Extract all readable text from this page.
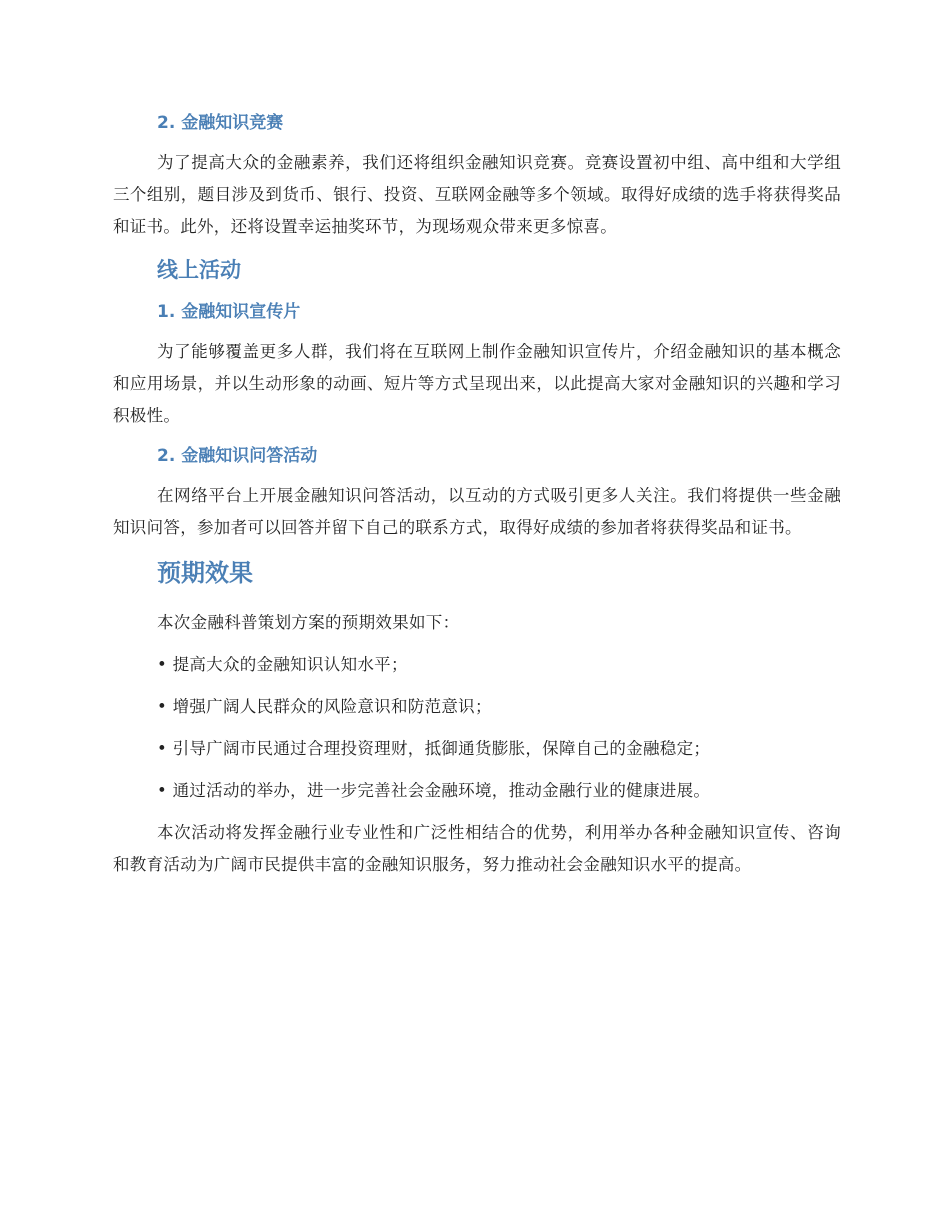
2. 金融知识竞赛

为了提高大众的金融素养，我们还将组织金融知识竞赛。竞赛设置初中组、高中组和大学组三个组别，题目涉及到货币、银行、投资、互联网金融等多个领域。取得好成绩的选手将获得奖品和证书。此外，还将设置幸运抽奖环节，为现场观众带来更多惊喜。

线上活动
1. 金融知识宣传片

为了能够覆盖更多人群，我们将在互联网上制作金融知识宣传片，介绍金融知识的基本概念和应用场景，并以生动形象的动画、短片等方式呈现出来，以此提高大家对金融知识的兴趣和学习积极性。

2. 金融知识问答活动

在网络平台上开展金融知识问答活动，以互动的方式吸引更多人关注。我们将提供一些金融知识问答，参加者可以回答并留下自己的联系方式，取得好成绩的参加者将获得奖品和证书。

预期效果

本次金融科普策划方案的预期效果如下：

• 提高大众的金融知识认知水平；
• 增强广阔人民群众的风险意识和防范意识；
• 引导广阔市民通过合理投资理财，抵御通货膨胀，保障自己的金融稳定；
• 通过活动的举办，进一步完善社会金融环境，推动金融行业的健康进展。

本次活动将发挥金融行业专业性和广泛性相结合的优势，利用举办各种金融知识宣传、咨询和教育活动为广阔市民提供丰富的金融知识服务，努力推动社会金融知识水平的提高。
